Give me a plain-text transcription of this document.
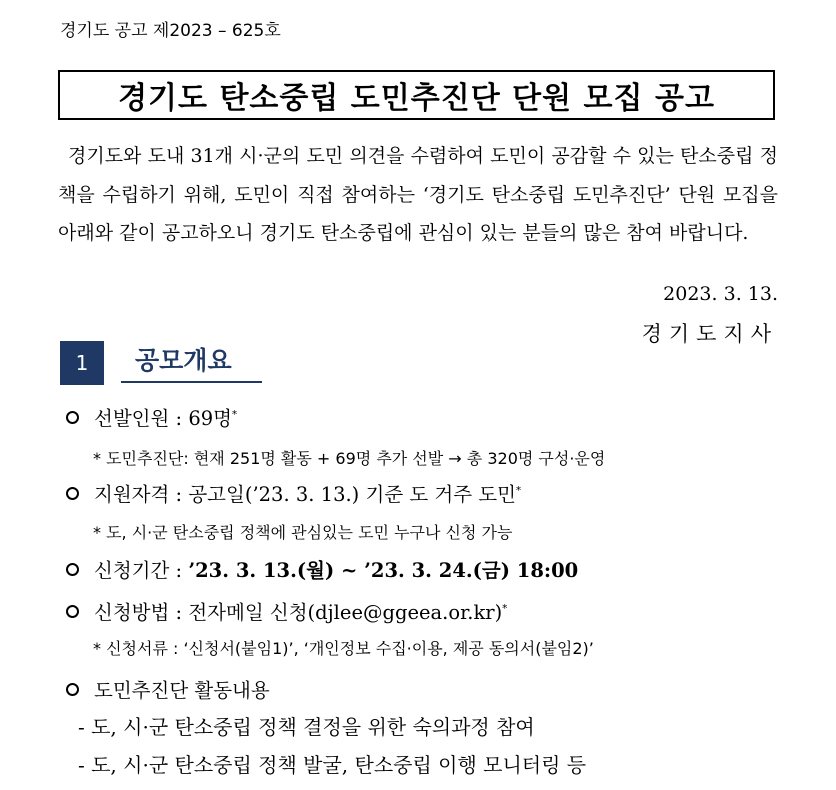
경기도 공고 제2023 – 625호
경기도 탄소중립 도민추진단 단원 모집 공고

경기도와 도내 31개 시·군의 도민 의견을 수렴하여 도민이 공감할 수 있는 탄소중립 정책을 수립하기 위해, 도민이 직접 참여하는 ‘경기도 탄소중립 도민추진단’ 단원 모집을 아래와 같이 공고하오니 경기도 탄소중립에 관심이 있는 분들의 많은 참여 바랍니다.

2023. 3. 13.
경기도지사
1	공모개요
선발인원 : 69명*
* 도민추진단: 현재 251명 활동 + 69명 추가 선발 → 총 320명 구성·운영
지원자격 : 공고일(’23. 3. 13.) 기준 도 거주 도민*
* 도, 시·군 탄소중립 정책에 관심있는 도민 누구나 신청 가능
신청기간 : ’23. 3. 13.(월) ~ ’23. 3. 24.(금) 18:00
신청방법 : 전자메일 신청(djlee@ggeea.or.kr)*
* 신청서류 : ‘신청서(붙임1)’, ‘개인정보 수집·이용, 제공 동의서(붙임2)’
도민추진단 활동내용
- 도, 시·군 탄소중립 정책 결정을 위한 숙의과정 참여
- 도, 시·군 탄소중립 정책 발굴, 탄소중립 이행 모니터링 등
